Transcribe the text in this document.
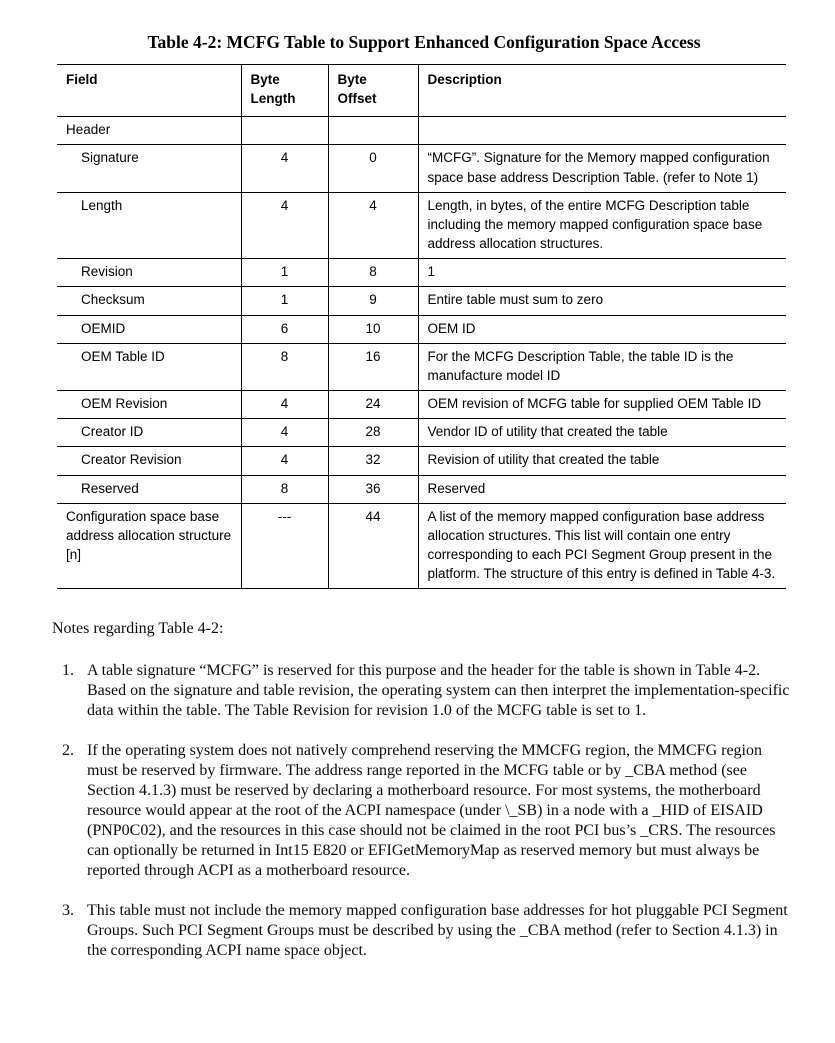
Table 4-2: MCFG Table to Support Enhanced Configuration Space Access
Field	Byte Length	Byte Offset	Description
Header			
Signature	4	0	“MCFG”. Signature for the Memory mapped configuration space base address Description Table. (refer to Note 1)
Length	4	4	Length, in bytes, of the entire MCFG Description table including the memory mapped configuration space base address allocation structures.
Revision	1	8	1
Checksum	1	9	Entire table must sum to zero
OEMID	6	10	OEM ID
OEM Table ID	8	16	For the MCFG Description Table, the table ID is the manufacture model ID
OEM Revision	4	24	OEM revision of MCFG table for supplied OEM Table ID
Creator ID	4	28	Vendor ID of utility that created the table
Creator Revision	4	32	Revision of utility that created the table
Reserved	8	36	Reserved
Configuration space base address allocation structure [n]	---	44	A list of the memory mapped configuration base address allocation structures. This list will contain one entry corresponding to each PCI Segment Group present in the platform. The structure of this entry is defined in Table 4-3.
Notes regarding Table 4-2:
1. A table signature “MCFG” is reserved for this purpose and the header for the table is shown in Table 4-2. Based on the signature and table revision, the operating system can then interpret the implementation-specific data within the table. The Table Revision for revision 1.0 of the MCFG table is set to 1.
2. If the operating system does not natively comprehend reserving the MMCFG region, the MMCFG region must be reserved by firmware. The address range reported in the MCFG table or by _CBA method (see Section 4.1.3) must be reserved by declaring a motherboard resource. For most systems, the motherboard resource would appear at the root of the ACPI namespace (under \_SB) in a node with a _HID of EISAID (PNP0C02), and the resources in this case should not be claimed in the root PCI bus’s _CRS. The resources can optionally be returned in Int15 E820 or EFIGetMemoryMap as reserved memory but must always be reported through ACPI as a motherboard resource.
3. This table must not include the memory mapped configuration base addresses for hot pluggable PCI Segment Groups. Such PCI Segment Groups must be described by using the _CBA method (refer to Section 4.1.3) in the corresponding ACPI name space object.
